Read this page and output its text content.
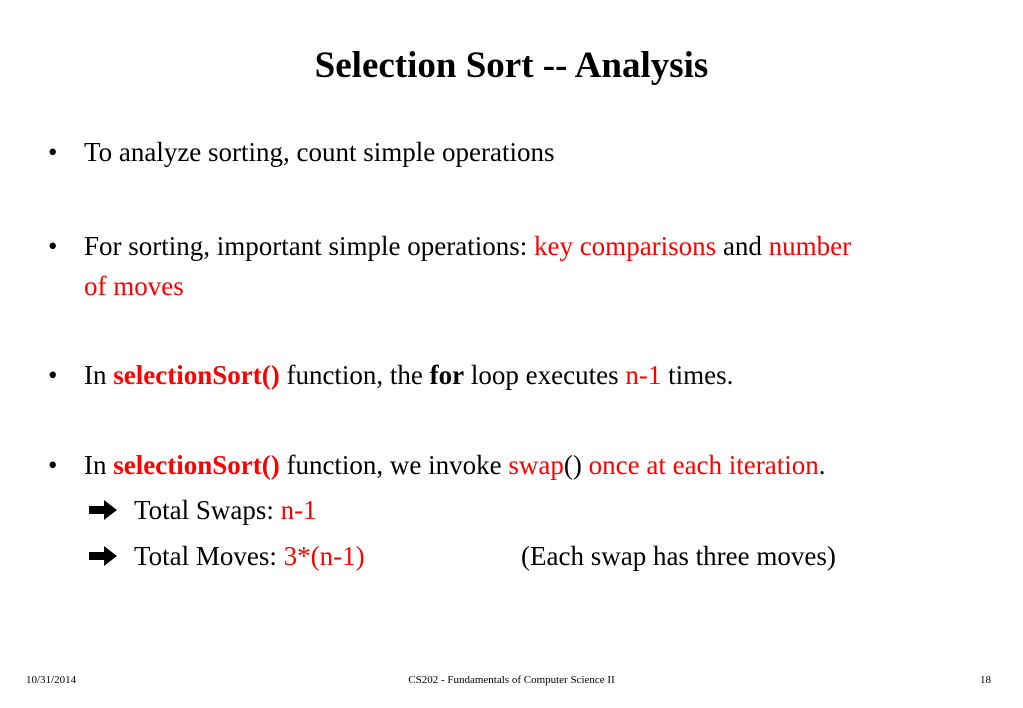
Selection Sort -- Analysis
• To analyze sorting, count simple operations
• For sorting, important simple operations: key comparisons and number
of moves
• In selectionSort() function, the for loop executes n-1 times.
• In selectionSort() function, we invoke swap() once at each iteration.
Total Swaps: n-1
Total Moves: 3*(n-1)	(Each swap has three moves)
10/31/2014	CS202 - Fundamentals of Computer Science II	18
